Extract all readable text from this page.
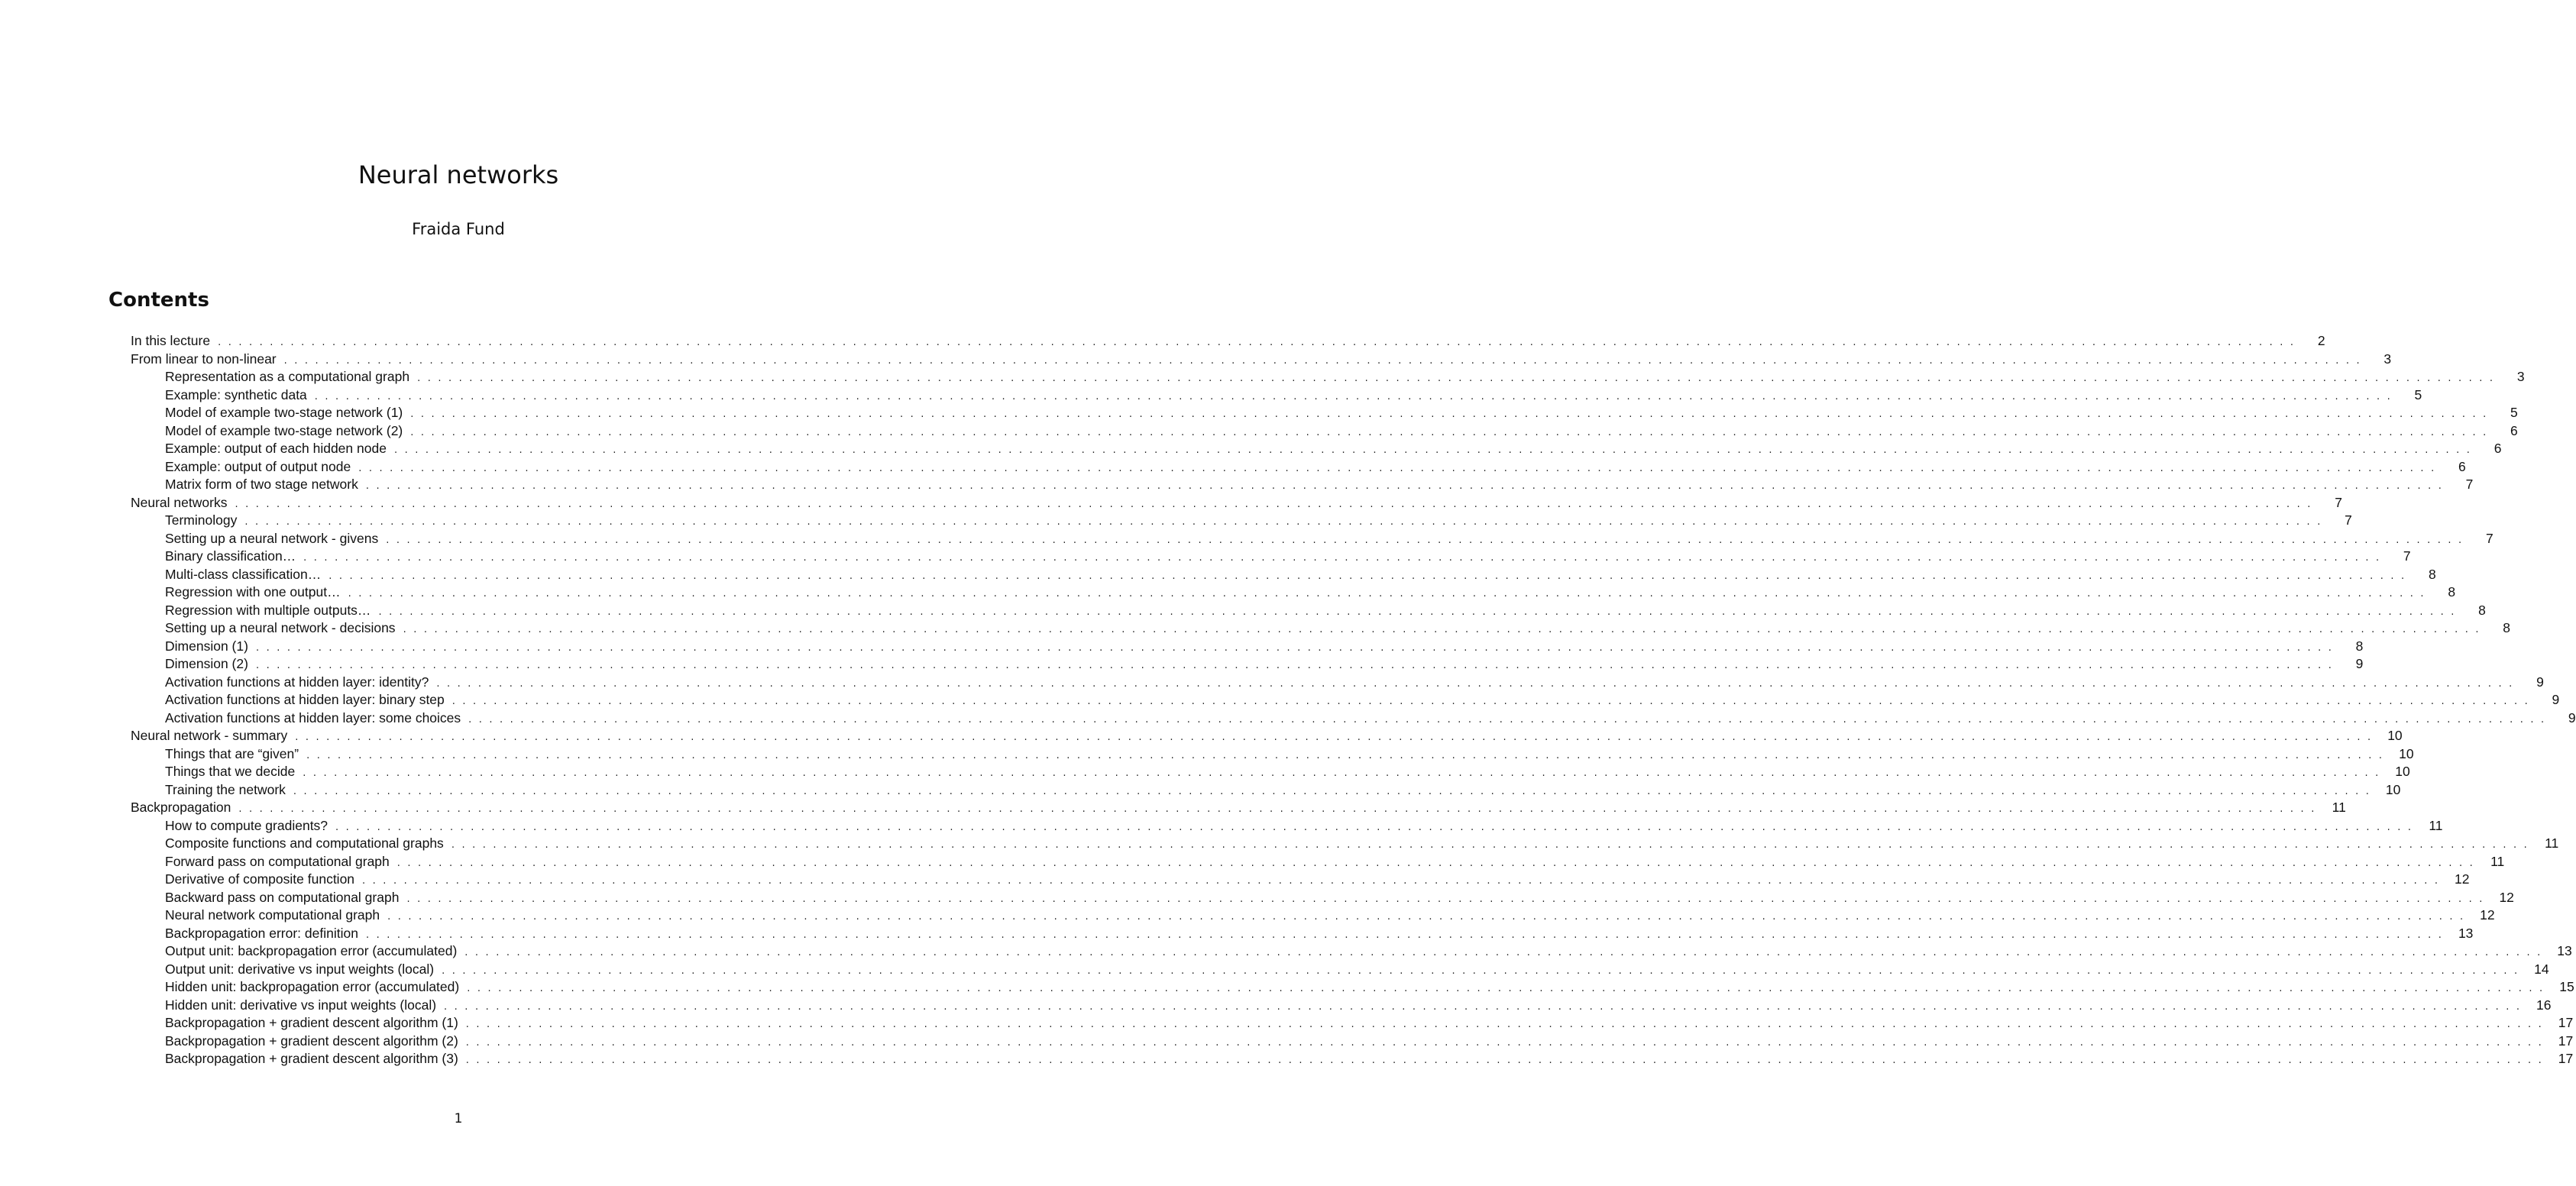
Neural networks
Fraida Fund
Contents
In this lecture ........................................................................................................................................................................................................	2
From linear to non-linear ........................................................................................................................................................................................................	3
Representation as a computational graph ........................................................................................................................................................................................................	3
Example: synthetic data ........................................................................................................................................................................................................	5
Model of example two-stage network (1) ........................................................................................................................................................................................................	5
Model of example two-stage network (2) ........................................................................................................................................................................................................	6
Example: output of each hidden node ........................................................................................................................................................................................................	6
Example: output of output node ........................................................................................................................................................................................................	6
Matrix form of two stage network ........................................................................................................................................................................................................	7
Neural networks ........................................................................................................................................................................................................	7
Terminology ........................................................................................................................................................................................................	7
Setting up a neural network - givens ........................................................................................................................................................................................................	7
Binary classification… ........................................................................................................................................................................................................	7
Multi-class classification… ........................................................................................................................................................................................................	8
Regression with one output… ........................................................................................................................................................................................................	8
Regression with multiple outputs… ........................................................................................................................................................................................................	8
Setting up a neural network - decisions ........................................................................................................................................................................................................	8
Dimension (1) ........................................................................................................................................................................................................	8
Dimension (2) ........................................................................................................................................................................................................	9
Activation functions at hidden layer: identity? ........................................................................................................................................................................................................	9
Activation functions at hidden layer: binary step ........................................................................................................................................................................................................	9
Activation functions at hidden layer: some choices ........................................................................................................................................................................................................	9
Neural network - summary ........................................................................................................................................................................................................ 10
Things that are “given” ........................................................................................................................................................................................................ 10
Things that we decide ........................................................................................................................................................................................................ 10
Training the network ........................................................................................................................................................................................................ 10
Backpropagation ........................................................................................................................................................................................................ 11
How to compute gradients? ........................................................................................................................................................................................................ 11
Composite functions and computational graphs ........................................................................................................................................................................................................ 11
Forward pass on computational graph ........................................................................................................................................................................................................ 11
Derivative of composite function ........................................................................................................................................................................................................ 12
Backward pass on computational graph ........................................................................................................................................................................................................ 12
Neural network computational graph ........................................................................................................................................................................................................ 12
Backpropagation error: definition ........................................................................................................................................................................................................ 13
Output unit: backpropagation error (accumulated) ........................................................................................................................................................................................................ 13
Output unit: derivative vs input weights (local) ........................................................................................................................................................................................................ 14
Hidden unit: backpropagation error (accumulated) ........................................................................................................................................................................................................ 15
Hidden unit: derivative vs input weights (local) ........................................................................................................................................................................................................ 16
Backpropagation + gradient descent algorithm (1) ........................................................................................................................................................................................................ 17
Backpropagation + gradient descent algorithm (2) ........................................................................................................................................................................................................ 17
Backpropagation + gradient descent algorithm (3) ........................................................................................................................................................................................................ 17
1
